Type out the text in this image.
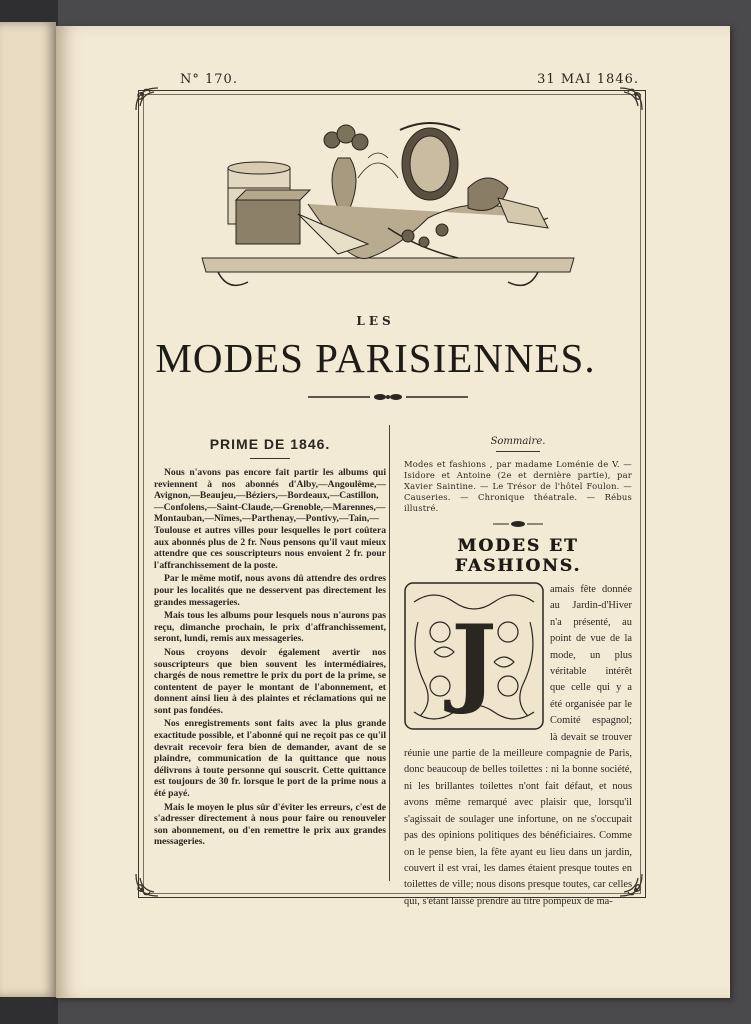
N° 170.	31 MAI 1846.
LES
MODES PARISIENNES.
PRIME DE 1846.

Nous n'avons pas encore fait partir les albums qui reviennent à nos abonnés d'Alby,—Angoulême,—Avignon,—Beaujeu,—Béziers,—Bordeaux,—Castillon,—Confolens,—Saint-Claude,—Grenoble,—Marennes,—Montauban,—Nîmes,—Parthenay,—Pontivy,—Tain,—Toulouse et autres villes pour lesquelles le port coûtera aux abonnés plus de 2 fr. Nous pensons qu'il vaut mieux attendre que ces souscripteurs nous envoient 2 fr. pour l'affranchissement de la poste.

Par le même motif, nous avons dû attendre des ordres pour les localités que ne desservent pas directement les grandes messageries.

Mais tous les albums pour lesquels nous n'aurons pas reçu, dimanche prochain, le prix d'affranchissement, seront, lundi, remis aux messageries.

Nous croyons devoir également avertir nos souscripteurs que bien souvent les intermédiaires, chargés de nous remettre le prix du port de la prime, se contentent de payer le montant de l'abonnement, et donnent ainsi lieu à des plaintes et réclamations qui ne sont pas fondées.

Nos enregistrements sont faits avec la plus grande exactitude possible, et l'abonné qui ne reçoit pas ce qu'il devrait recevoir fera bien de demander, avant de se plaindre, communication de la quittance que nous délivrons à toute personne qui souscrit. Cette quittance est toujours de 30 fr. lorsque le port de la prime nous a été payé.

Mais le moyen le plus sûr d'éviter les erreurs, c'est de s'adresser directement à nous pour faire ou renouveler son abonnement, ou d'en remettre le prix aux grandes messageries.

Sommaire.
Modes et fashions , par madame Loménie de V. — Isidore et Antoine (2e et dernière partie), par Xavier Saintine. — Le Trésor de l'hôtel Foulon. — Causeries. — Chronique théatrale. — Rébus illustré.
MODES ET FASHIONS.
J

amais fête donnée au Jardin-d'Hiver n'a présenté, au point de vue de la mode, un plus véritable intérêt que celle qui y a été organisée par le Comité espagnol; là devait se trouver réunie une partie de la meilleure compagnie de Paris, donc beaucoup de belles toilettes : ni la bonne société, ni les brillantes toilettes n'ont fait défaut, et nous avons même remarqué avec plaisir que, lorsqu'il s'agissait de soulager une infortune, on ne s'occupait pas des opinions politiques des bénéficiaires. Comme on le pense bien, la fête ayant eu lieu dans un jardin, couvert il est vrai, les dames étaient presque toutes en toilettes de ville; nous disons presque toutes, car celles qui, s'étant laissé prendre au titre pompeux de ma-
